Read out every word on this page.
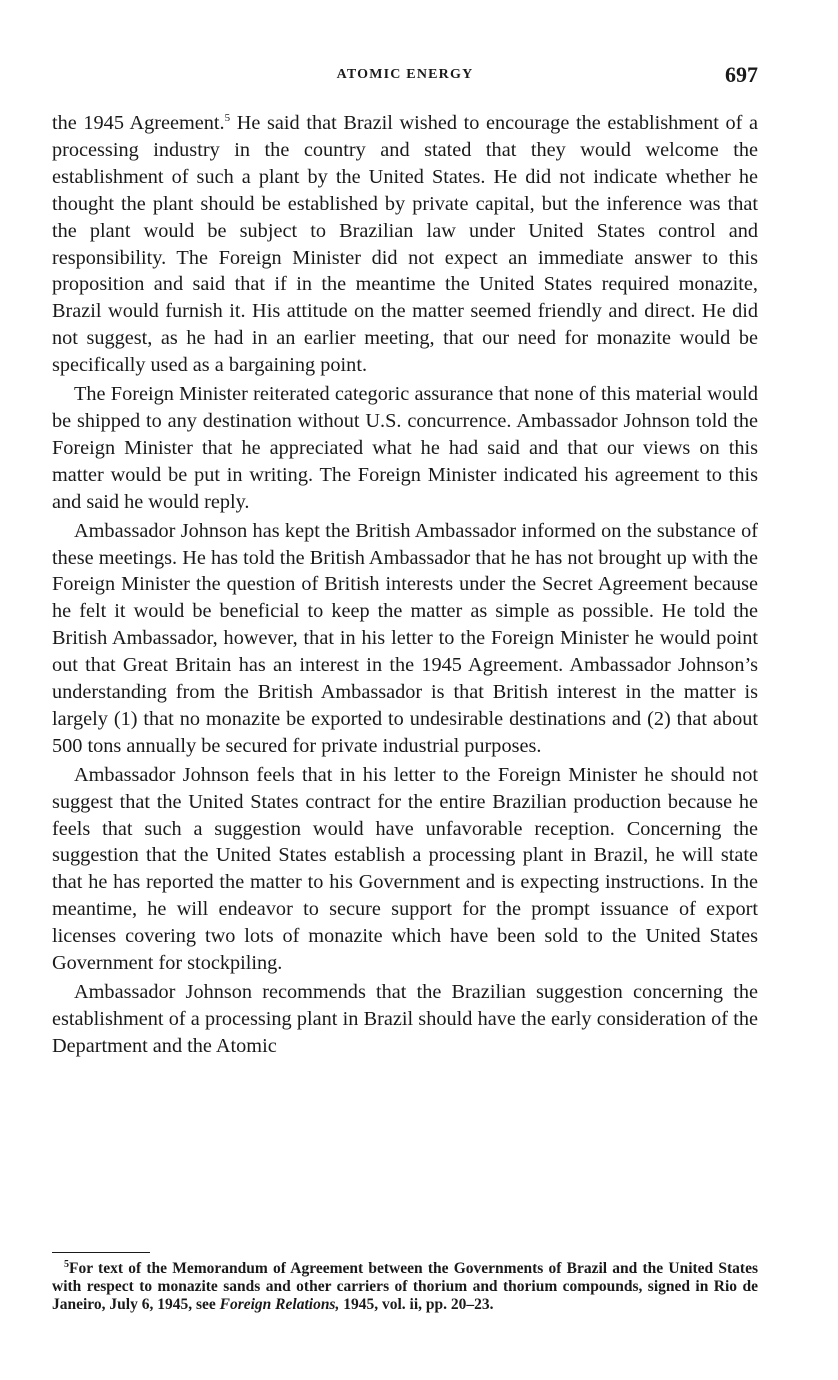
ATOMIC ENERGY	697

the 1945 Agreement.$^5$ He said that Brazil wished to encourage the establishment of a processing industry in the country and stated that they would welcome the establishment of such a plant by the United States. He did not indicate whether he thought the plant should be established by private capital, but the inference was that the plant would be subject to Brazilian law under United States control and responsibility. The Foreign Minister did not expect an immediate answer to this proposition and said that if in the meantime the United States required monazite, Brazil would furnish it. His attitude on the matter seemed friendly and direct. He did not suggest, as he had in an earlier meeting, that our need for monazite would be specifically used as a bargaining point.

The Foreign Minister reiterated categoric assurance that none of this material would be shipped to any destination without U.S. concurrence. Ambassador Johnson told the Foreign Minister that he appreciated what he had said and that our views on this matter would be put in writing. The Foreign Minister indicated his agreement to this and said he would reply.

Ambassador Johnson has kept the British Ambassador informed on the substance of these meetings. He has told the British Ambassador that he has not brought up with the Foreign Minister the question of British interests under the Secret Agreement because he felt it would be beneficial to keep the matter as simple as possible. He told the British Ambassador, however, that in his letter to the Foreign Minister he would point out that Great Britain has an interest in the 1945 Agreement. Ambassador Johnson’s understanding from the British Ambassador is that British interest in the matter is largely (1) that no monazite be exported to undesirable destinations and (2) that about 500 tons annually be secured for private industrial purposes.

Ambassador Johnson feels that in his letter to the Foreign Minister he should not suggest that the United States contract for the entire Brazilian production because he feels that such a suggestion would have unfavorable reception. Concerning the suggestion that the United States establish a processing plant in Brazil, he will state that he has reported the matter to his Government and is expecting instructions. In the meantime, he will endeavor to secure support for the prompt issuance of export licenses covering two lots of monazite which have been sold to the United States Government for stockpiling.

Ambassador Johnson recommends that the Brazilian suggestion concerning the establishment of a processing plant in Brazil should have the early consideration of the Department and the Atomic

$^5$For text of the Memorandum of Agreement between the Governments of Brazil and the United States with respect to monazite sands and other carriers of thorium and thorium compounds, signed in Rio de Janeiro, July 6, 1945, see Foreign Relations, 1945, vol. ii, pp. 20–23.
